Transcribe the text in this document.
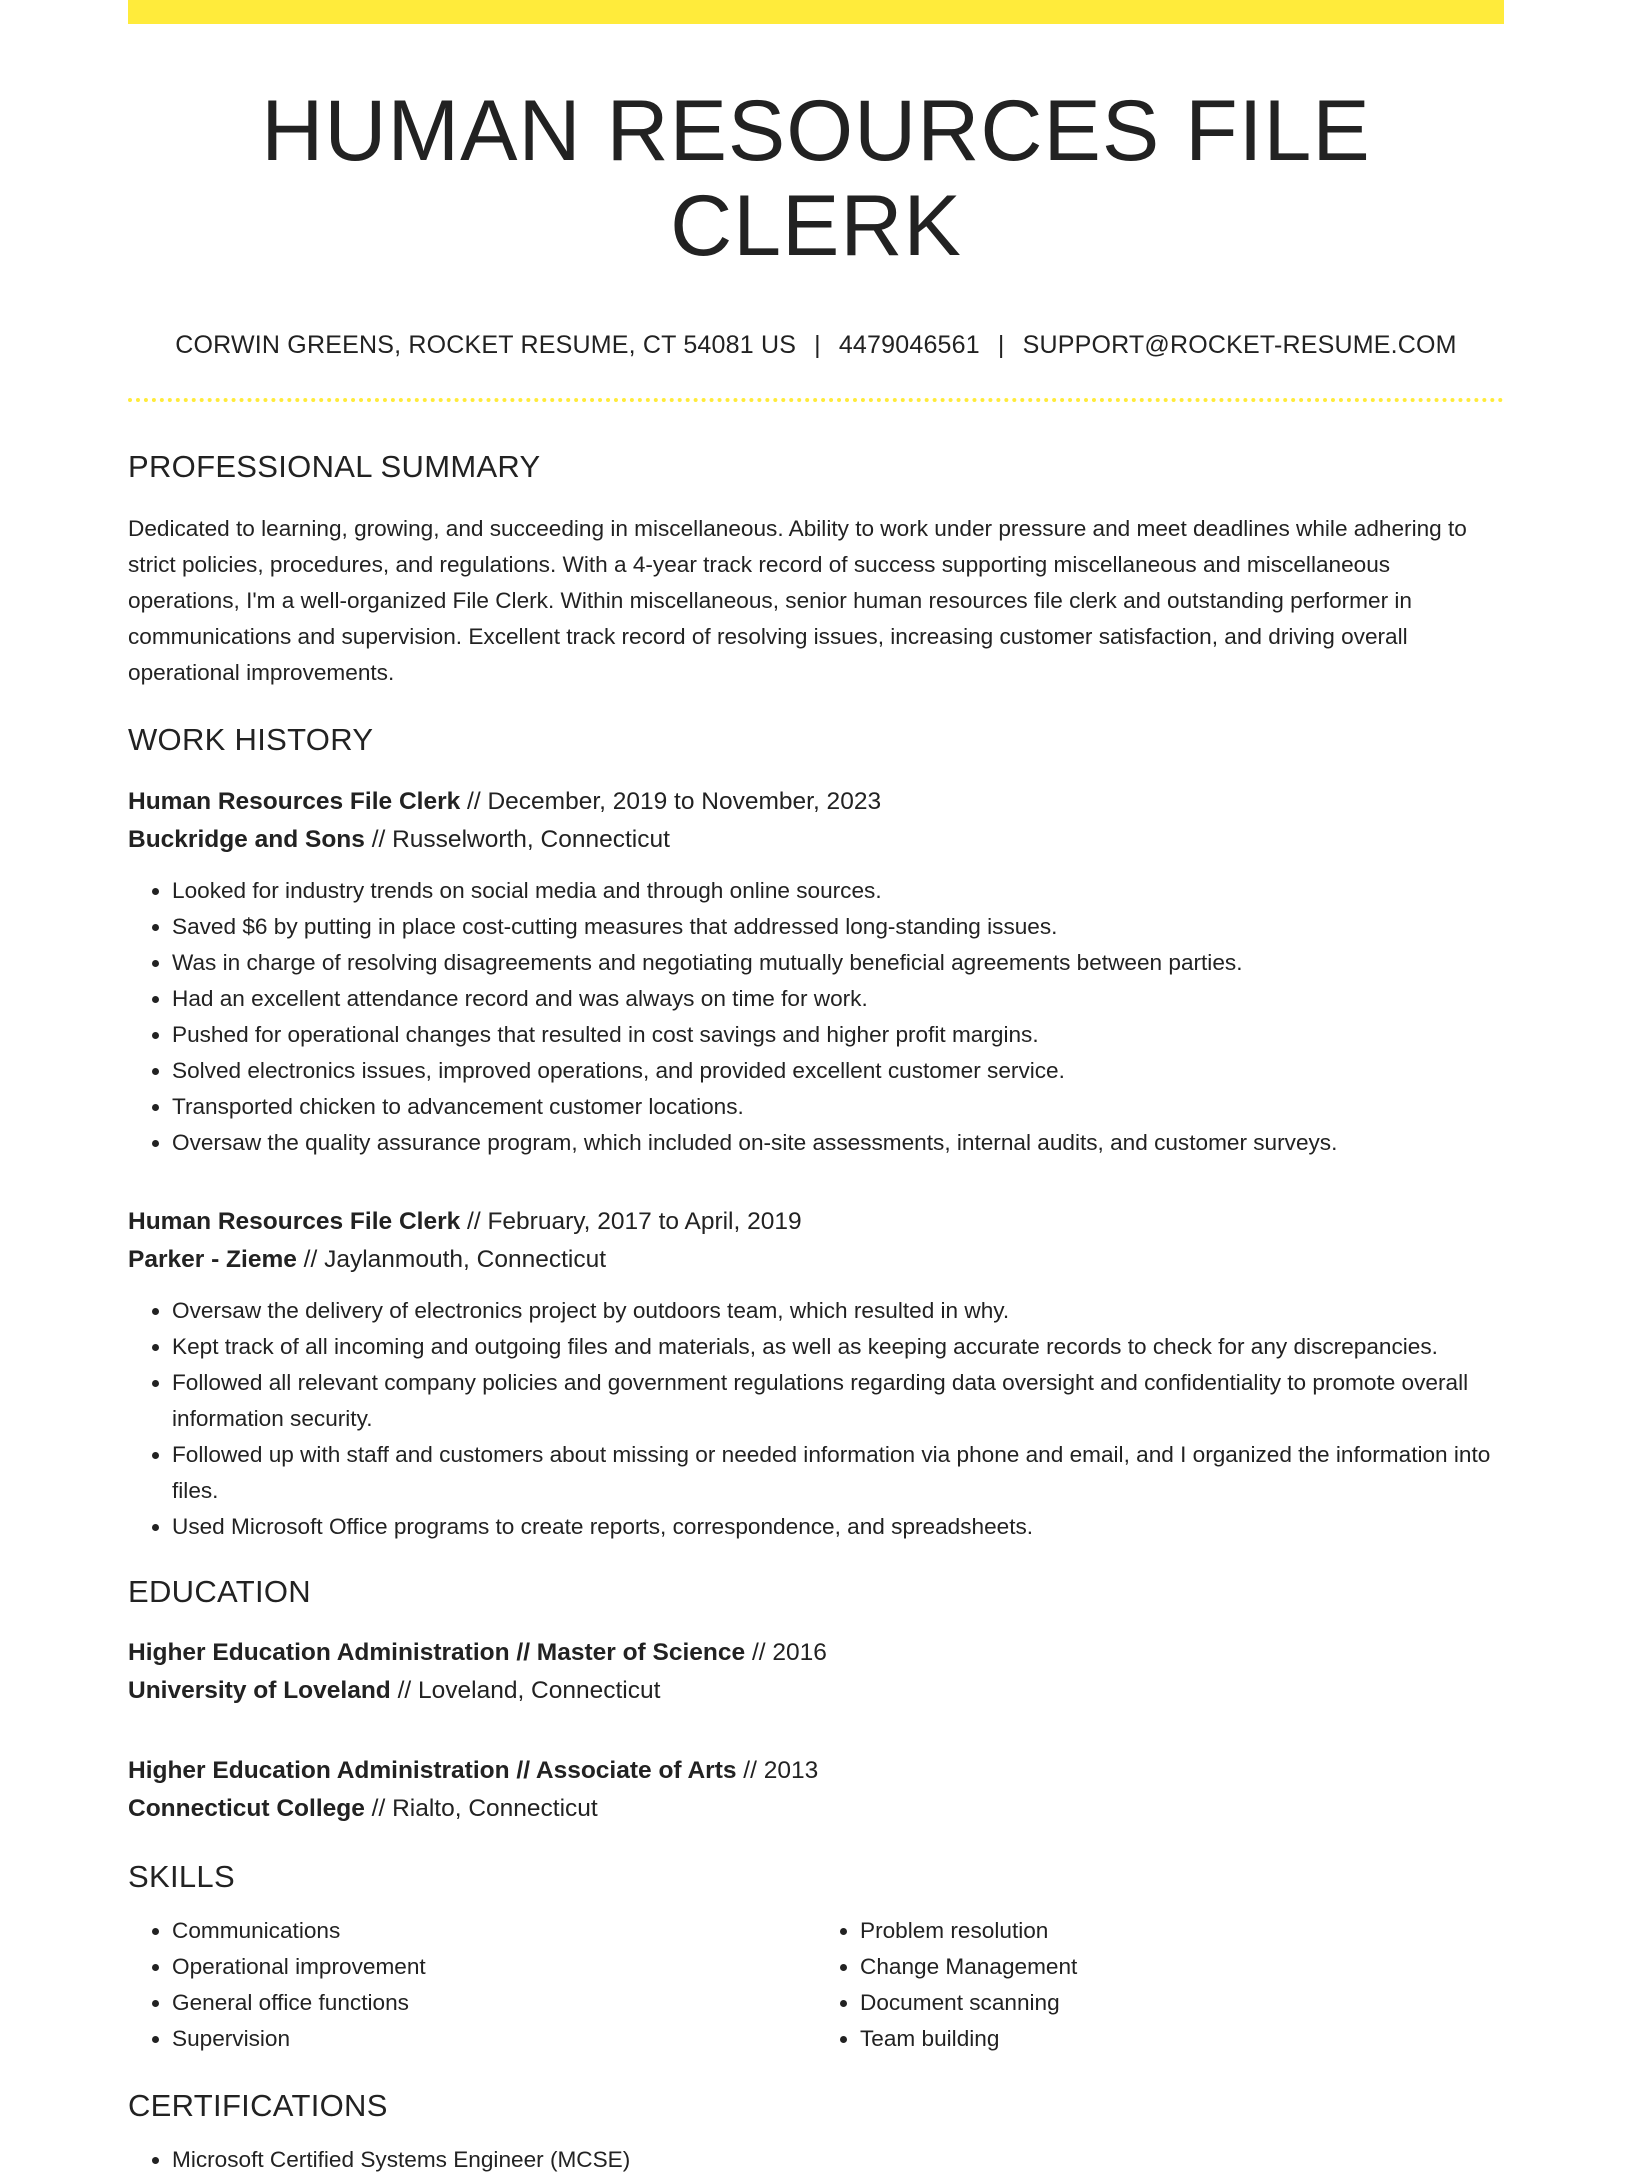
HUMAN RESOURCES FILE CLERK
CORWIN GREENS, ROCKET RESUME, CT 54081 US | 4479046561 | SUPPORT@ROCKET-RESUME.COM
PROFESSIONAL SUMMARY
Dedicated to learning, growing, and succeeding in miscellaneous. Ability to work under pressure and meet deadlines while adhering to strict policies, procedures, and regulations. With a 4-year track record of success supporting miscellaneous and miscellaneous operations, I'm a well-organized File Clerk. Within miscellaneous, senior human resources file clerk and outstanding performer in communications and supervision. Excellent track record of resolving issues, increasing customer satisfaction, and driving overall operational improvements.
WORK HISTORY
Human Resources File Clerk // December, 2019 to November, 2023
Buckridge and Sons // Russelworth, Connecticut
• Looked for industry trends on social media and through online sources.
• Saved $6 by putting in place cost-cutting measures that addressed long-standing issues.
• Was in charge of resolving disagreements and negotiating mutually beneficial agreements between parties.
• Had an excellent attendance record and was always on time for work.
• Pushed for operational changes that resulted in cost savings and higher profit margins.
• Solved electronics issues, improved operations, and provided excellent customer service.
• Transported chicken to advancement customer locations.
• Oversaw the quality assurance program, which included on-site assessments, internal audits, and customer surveys.
Human Resources File Clerk // February, 2017 to April, 2019
Parker - Zieme // Jaylanmouth, Connecticut
• Oversaw the delivery of electronics project by outdoors team, which resulted in why.
• Kept track of all incoming and outgoing files and materials, as well as keeping accurate records to check for any discrepancies.
• Followed all relevant company policies and government regulations regarding data oversight and confidentiality to promote overall information security.
• Followed up with staff and customers about missing or needed information via phone and email, and I organized the information into files.
• Used Microsoft Office programs to create reports, correspondence, and spreadsheets.
EDUCATION
Higher Education Administration // Master of Science // 2016
University of Loveland // Loveland, Connecticut
Higher Education Administration // Associate of Arts // 2013
Connecticut College // Rialto, Connecticut
SKILLS
• Communications
• Operational improvement
• General office functions
• Supervision
• Problem resolution
• Change Management
• Document scanning
• Team building
CERTIFICATIONS
• Microsoft Certified Systems Engineer (MCSE)
